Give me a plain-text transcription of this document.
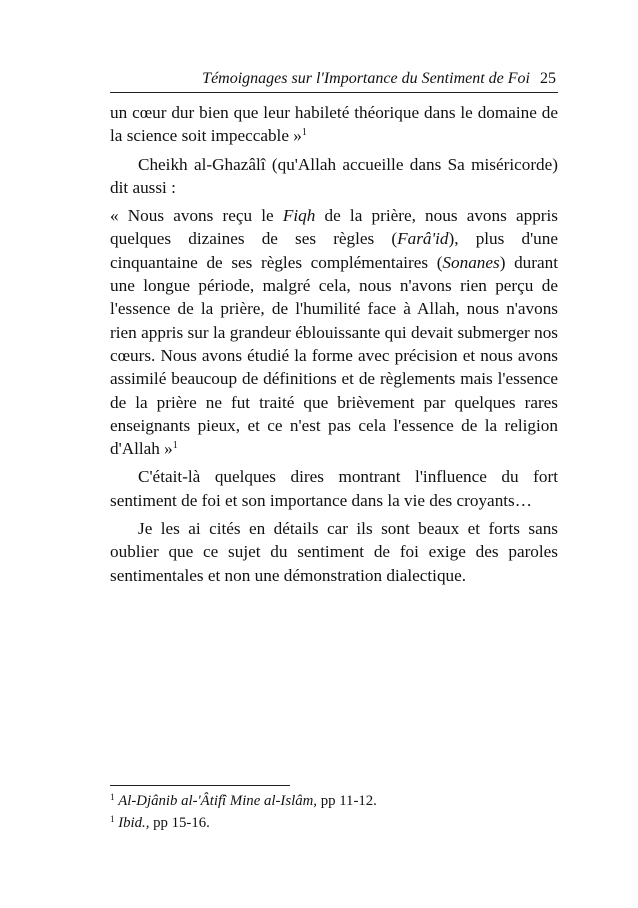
Témoignages sur l'Importance du Sentiment de Foi 25

un cœur dur bien que leur habileté théorique dans le domaine de la science soit impeccable »$^1$

Cheikh al-Ghazâlî (qu'Allah accueille dans Sa miséricorde) dit aussi :

« Nous avons reçu le Fiqh de la prière, nous avons appris quelques dizaines de ses règles (Farâ'id), plus d'une cinquantaine de ses règles complémentaires (Sonanes) durant une longue période, malgré cela, nous n'avons rien perçu de l'essence de la prière, de l'humilité face à Allah, nous n'avons rien appris sur la grandeur éblouissante qui devait submerger nos cœurs. Nous avons étudié la forme avec précision et nous avons assimilé beaucoup de définitions et de règlements mais l'essence de la prière ne fut traité que brièvement par quelques rares enseignants pieux, et ce n'est pas cela l'essence de la religion d'Allah »$^1$

C'était-là quelques dires montrant l'influence du fort sentiment de foi et son importance dans la vie des croyants…

Je les ai cités en détails car ils sont beaux et forts sans oublier que ce sujet du sentiment de foi exige des paroles sentimentales et non une démonstration dialectique.

$^1$ Al-Djânib al-'Âtifî Mine al-Islâm, pp 11-12.
$^1$ Ibid., pp 15-16.
